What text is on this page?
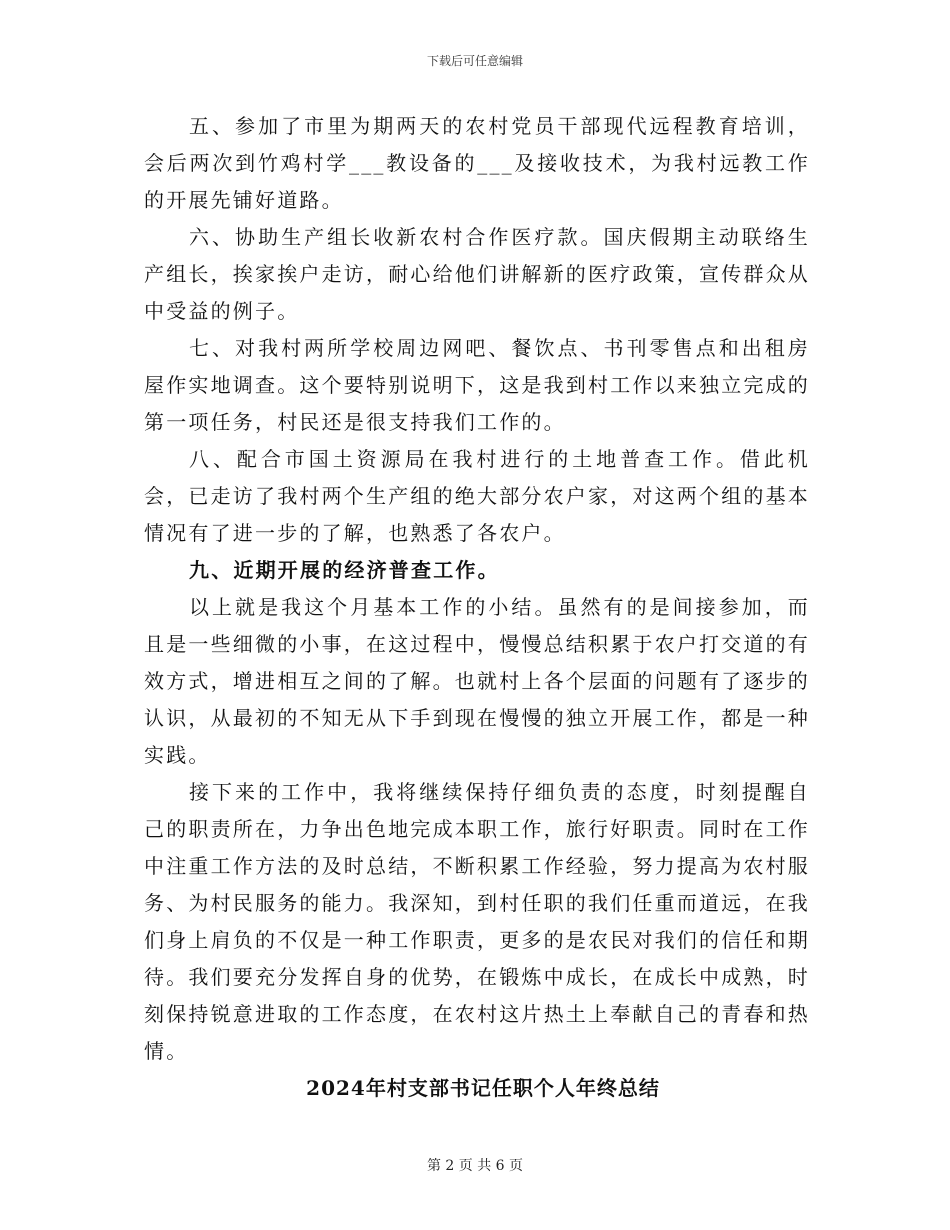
下载后可任意编辑

五、参加了市里为期两天的农村党员干部现代远程教育培训，会后两次到竹鸡村学___教设备的___及接收技术，为我村远教工作的开展先铺好道路。

六、协助生产组长收新农村合作医疗款。国庆假期主动联络生产组长，挨家挨户走访，耐心给他们讲解新的医疗政策，宣传群众从中受益的例子。

七、对我村两所学校周边网吧、餐饮点、书刊零售点和出租房屋作实地调查。这个要特别说明下，这是我到村工作以来独立完成的第一项任务，村民还是很支持我们工作的。

八、配合市国土资源局在我村进行的土地普查工作。借此机会，已走访了我村两个生产组的绝大部分农户家，对这两个组的基本情况有了进一步的了解，也熟悉了各农户。

九、近期开展的经济普查工作。

以上就是我这个月基本工作的小结。虽然有的是间接参加，而且是一些细微的小事，在这过程中，慢慢总结积累于农户打交道的有效方式，增进相互之间的了解。也就村上各个层面的问题有了逐步的认识，从最初的不知无从下手到现在慢慢的独立开展工作，都是一种实践。

接下来的工作中，我将继续保持仔细负责的态度，时刻提醒自己的职责所在，力争出色地完成本职工作，旅行好职责。同时在工作中注重工作方法的及时总结，不断积累工作经验，努力提高为农村服务、为村民服务的能力。我深知，到村任职的我们任重而道远，在我们身上肩负的不仅是一种工作职责，更多的是农民对我们的信任和期待。我们要充分发挥自身的优势，在锻炼中成长，在成长中成熟，时刻保持锐意进取的工作态度，在农村这片热土上奉献自己的青春和热情。

2024年村支部书记任职个人年终总结

第 2 页 共 6 页
